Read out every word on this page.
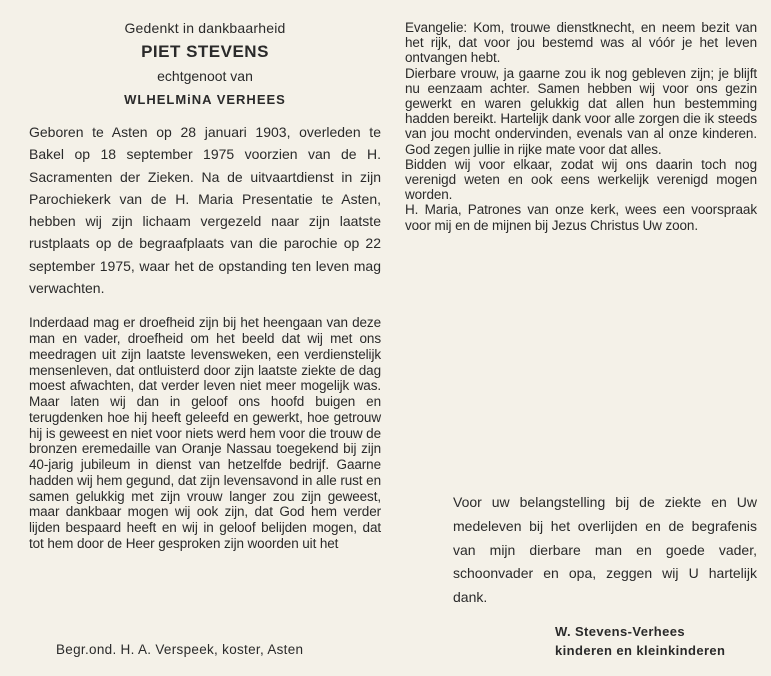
Gedenkt in dankbaarheid
PIET STEVENS
echtgenoot van
WLHELMiNA VERHEES

Geboren te Asten op 28 januari 1903, overleden te Bakel op 18 september 1975 voorzien van de H. Sacramenten der Zieken. Na de uitvaartdienst in zijn Parochiekerk van de H. Maria Presentatie te Asten, hebben wij zijn lichaam vergezeld naar zijn laatste rustplaats op de begraafplaats van die parochie op 22 september 1975, waar het de opstanding ten leven mag verwachten.

Inderdaad mag er droefheid zijn bij het heengaan van deze man en vader, droefheid om het beeld dat wij met ons meedragen uit zijn laatste levensweken, een verdienstelijk mensenleven, dat ontluisterd door zijn laatste ziekte de dag moest afwachten, dat verder leven niet meer mogelijk was. Maar laten wij dan in geloof ons hoofd buigen en terugdenken hoe hij heeft geleefd en gewerkt, hoe getrouw hij is geweest en niet voor niets werd hem voor die trouw de bronzen eremedaille van Oranje Nassau toegekend bij zijn 40-jarig jubileum in dienst van hetzelfde bedrijf. Gaarne hadden wij hem gegund, dat zijn levensavond in alle rust en samen gelukkig met zijn vrouw langer zou zijn geweest, maar dankbaar mogen wij ook zijn, dat God hem verder lijden bespaard heeft en wij in geloof belijden mogen, dat tot hem door de Heer gesproken zijn woorden uit het

Evangelie: Kom, trouwe dienstknecht, en neem bezit van het rijk, dat voor jou bestemd was al vóór je het leven ontvangen hebt.
Dierbare vrouw, ja gaarne zou ik nog gebleven zijn; je blijft nu eenzaam achter. Samen hebben wij voor ons gezin gewerkt en waren gelukkig dat allen hun bestemming hadden bereikt. Hartelijk dank voor alle zorgen die ik steeds van jou mocht ondervinden, evenals van al onze kinderen. God zegen jullie in rijke mate voor dat alles.
Bidden wij voor elkaar, zodat wij ons daarin toch nog verenigd weten en ook eens werkelijk verenigd mogen worden.
H. Maria, Patrones van onze kerk, wees een voorspraak voor mij en de mijnen bij Jezus Christus Uw zoon.

Voor uw belangstelling bij de ziekte en Uw medeleven bij het overlijden en de begrafenis van mijn dierbare man en goede vader, schoonvader en opa, zeggen wij U hartelijk dank.

W. Stevens-Verhees
kinderen en kleinkinderen
Begr.ond. H. A. Verspeek, koster, Asten
